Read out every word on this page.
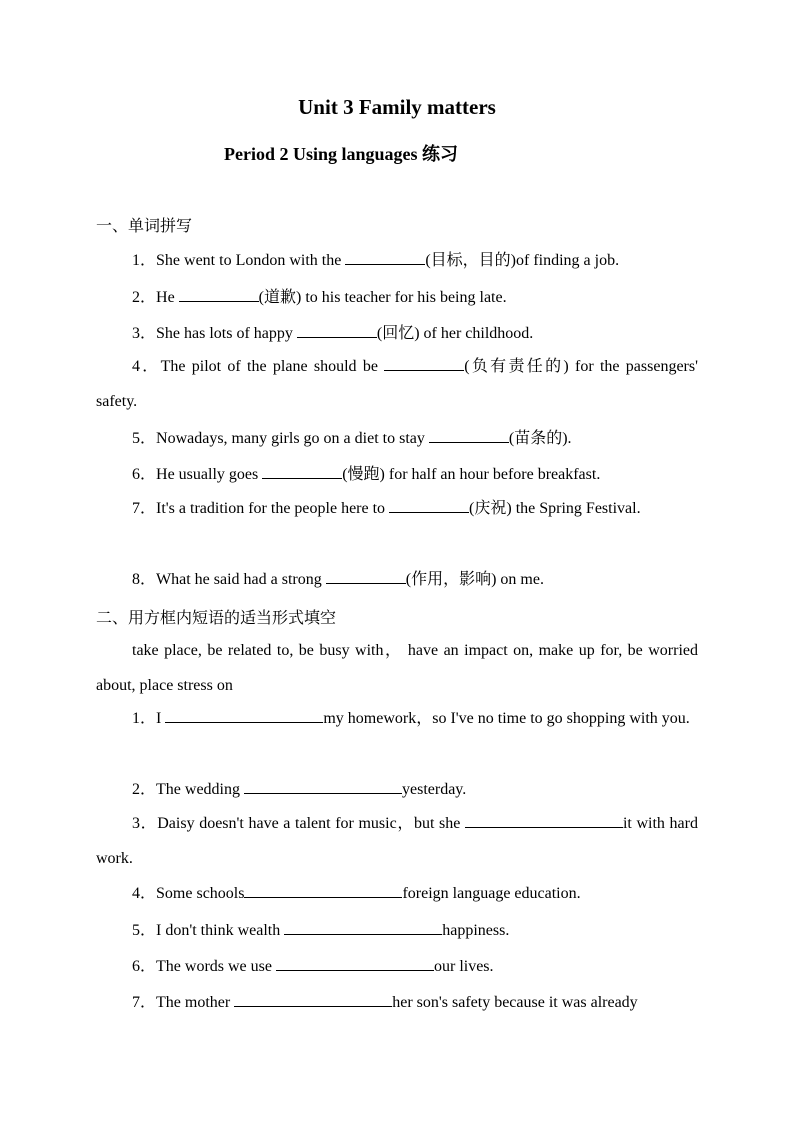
Unit 3 Family matters
Period 2 Using languages 练习
一、单词拼写
1．She went to London with the	(目标，目的)of finding a job.
2．He	(道歉) to his teacher for his being late.
3．She has lots of happy	(回忆) of her childhood.
4．The pilot of the plane should be	(负有责任的) for the passengers' safety.
5．Nowadays, many girls go on a diet to stay	(苗条的).
6．He usually goes	(慢跑) for half an hour before breakfast.
7．It's a tradition for the people here to	(庆祝) the Spring Festival.
8．What he said had a strong	(作用，影响) on me.
二、用方框内短语的适当形式填空
take place, be related to, be busy with， have an impact on, make up for, be worried about, place stress on
1．I	my homework，so I've no time to go shopping with you.
2．The wedding	yesterday.
3．Daisy doesn't have a talent for music，but she	it with hard work.
4．Some schools	foreign language education.
5．I don't think wealth	happiness.
6．The words we use	our lives.
7．The mother	her son's safety because it was already
